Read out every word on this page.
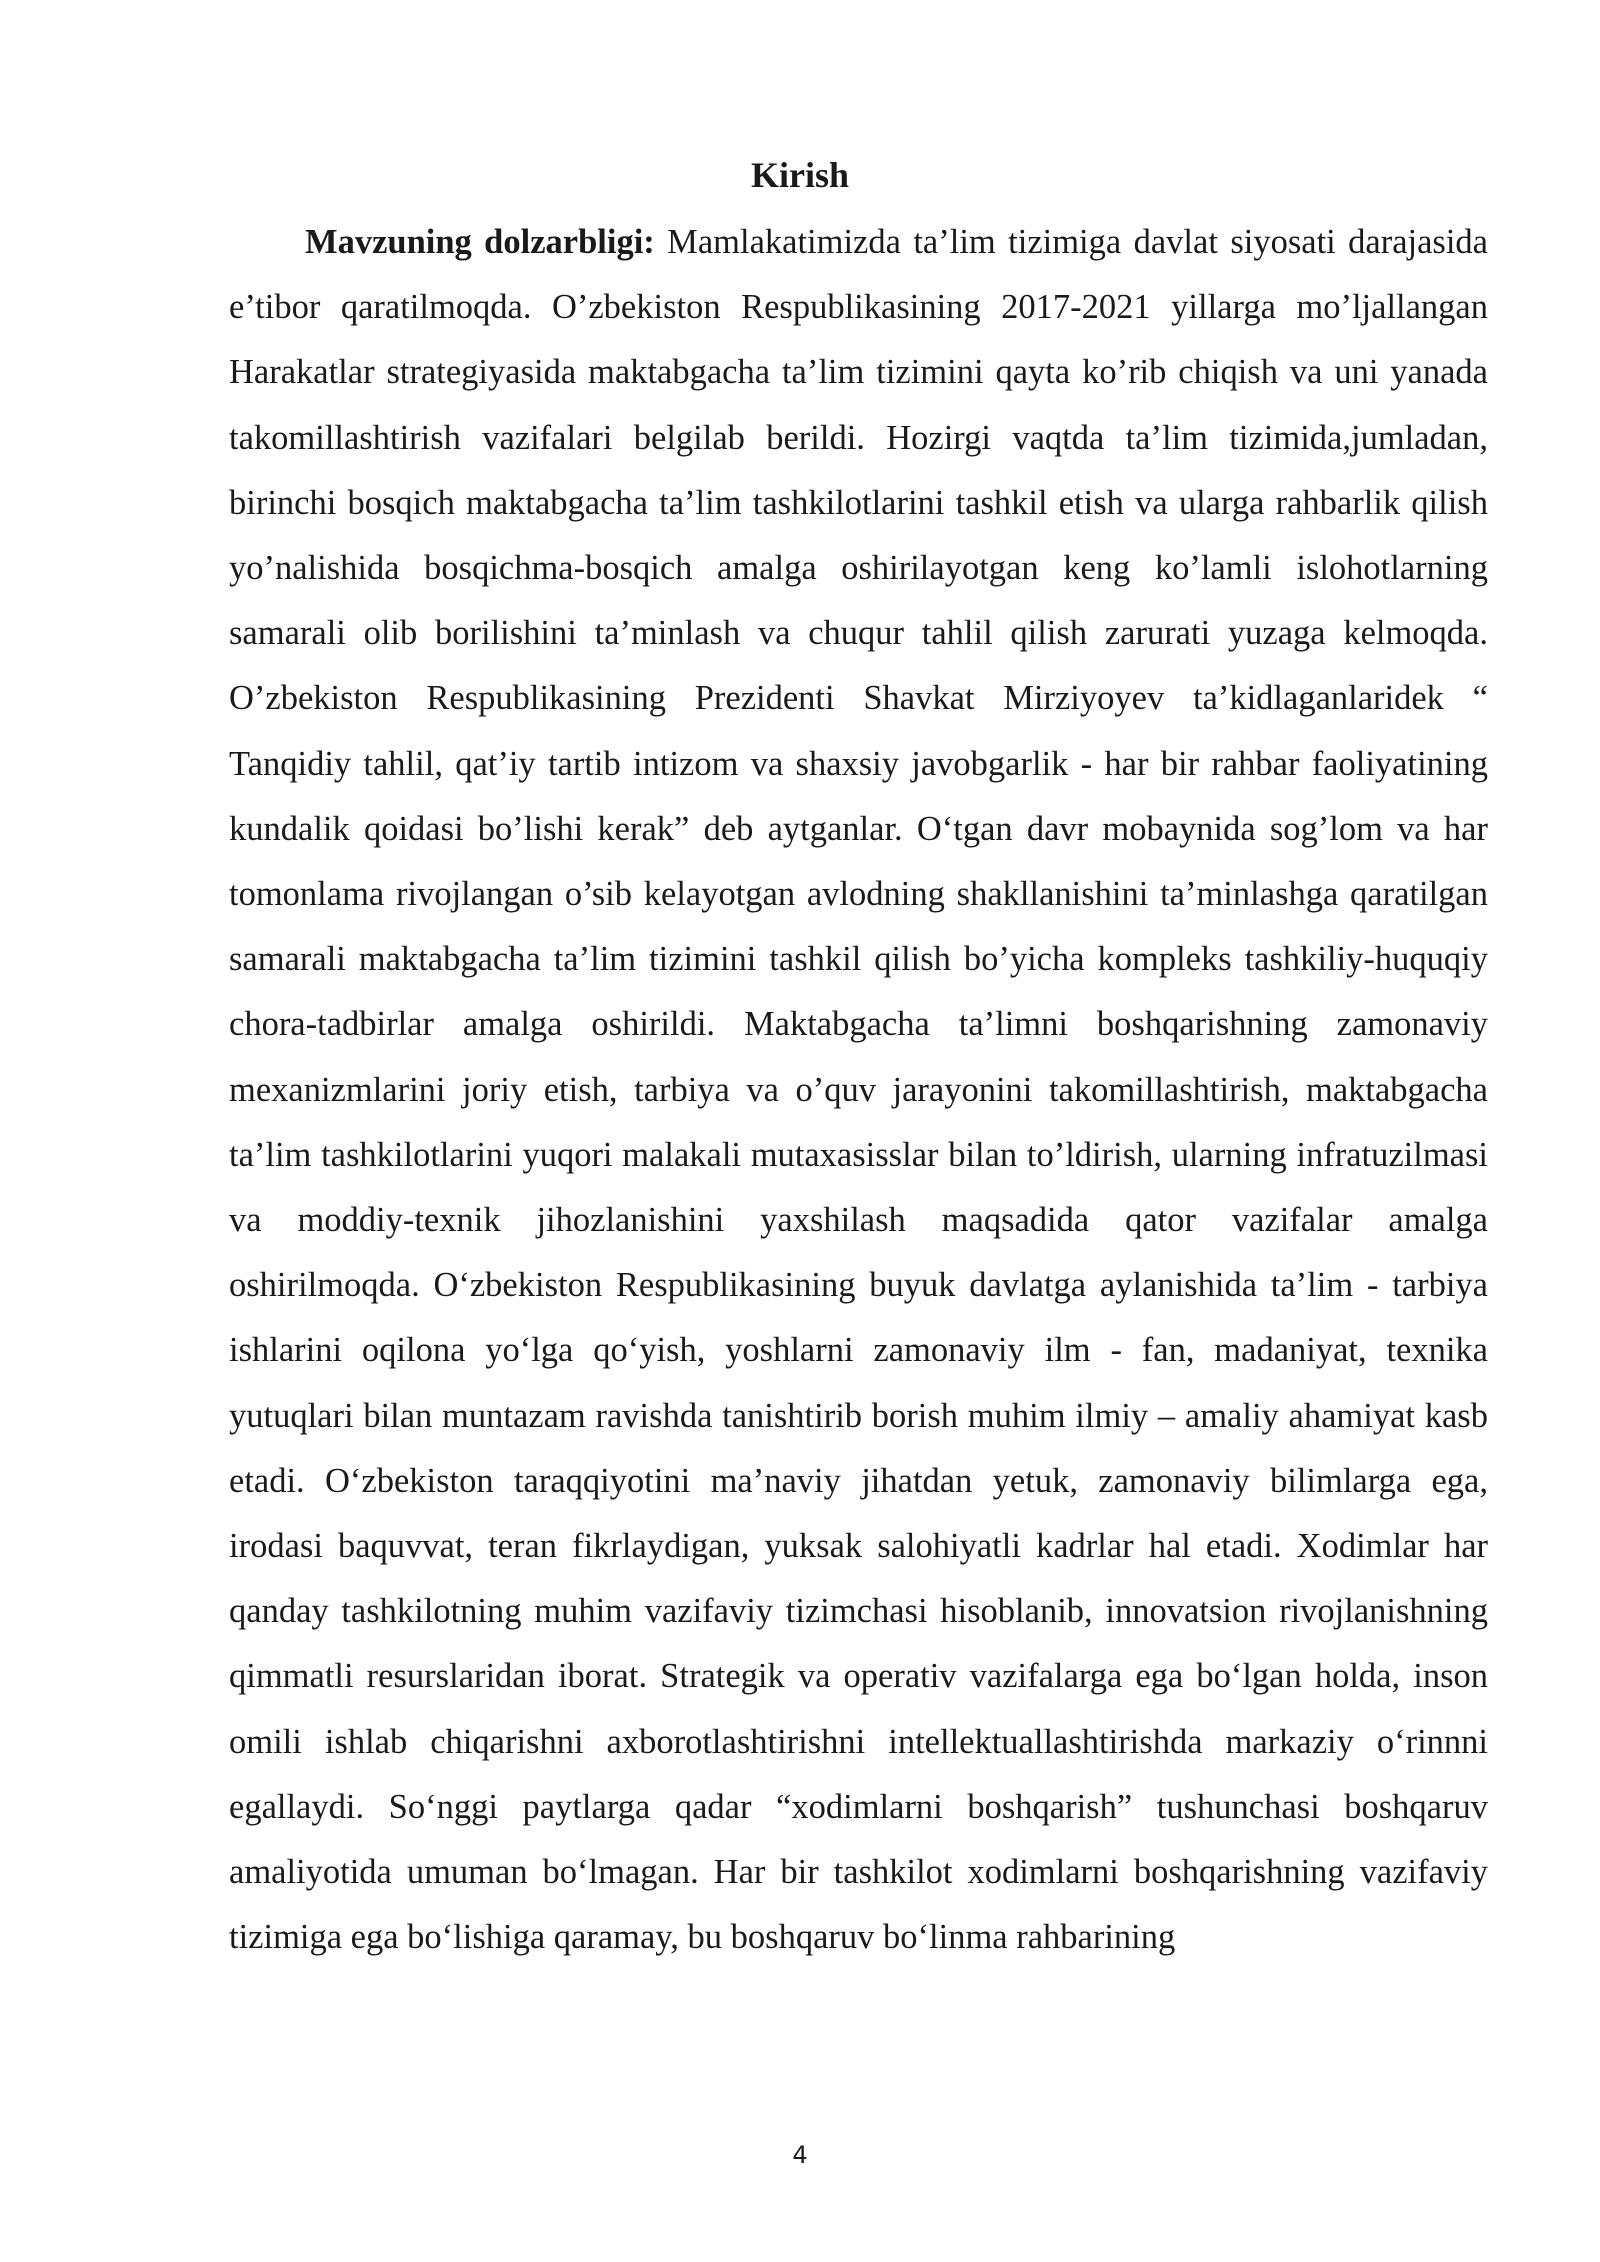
Kirish

Mavzuning dolzarbligi: Mamlakatimizda ta’lim tizimiga davlat siyosati darajasida e’tibor qaratilmoqda. O’zbekiston Respublikasining 2017-2021 yillarga mo’ljallangan Harakatlar strategiyasida maktabgacha ta’lim tizimini qayta ko’rib chiqish va uni yanada takomillashtirish vazifalari belgilab berildi. Hozirgi vaqtda ta’lim tizimida,jumladan, birinchi bosqich maktabgacha ta’lim tashkilotlarini tashkil etish va ularga rahbarlik qilish yo’nalishida bosqichma-bosqich amalga oshirilayotgan keng ko’lamli islohotlarning samarali olib borilishini ta’minlash va chuqur tahlil qilish zarurati yuzaga kelmoqda. O’zbekiston Respublikasining Prezidenti Shavkat Mirziyoyev ta’kidlaganlaridek “ Tanqidiy tahlil, qat’iy tartib intizom va shaxsiy javobgarlik - har bir rahbar faoliyatining kundalik qoidasi bo’lishi kerak” deb aytganlar. O‘tgan davr mobaynida sog’lom va har tomonlama rivojlangan o’sib kelayotgan avlodning shakllanishini ta’minlashga qaratilgan samarali maktabgacha ta’lim tizimini tashkil qilish bo’yicha kompleks tashkiliy-huquqiy chora-tadbirlar amalga oshirildi. Maktabgacha ta’limni boshqarishning zamonaviy mexanizmlarini joriy etish, tarbiya va o’quv jarayonini takomillashtirish, maktabgacha ta’lim tashkilotlarini yuqori malakali mutaxasisslar bilan to’ldirish, ularning infratuzilmasi va moddiy-texnik jihozlanishini yaxshilash maqsadida qator vazifalar amalga oshirilmoqda. O‘zbekiston Respublikasining buyuk davlatga aylanishida ta’lim - tarbiya ishlarini oqilona yo‘lga qo‘yish, yoshlarni zamonaviy ilm - fan, madaniyat, texnika yutuqlari bilan muntazam ravishda tanishtirib borish muhim ilmiy – amaliy ahamiyat kasb etadi. O‘zbekiston taraqqiyotini ma’naviy jihatdan yetuk, zamonaviy bilimlarga ega, irodasi baquvvat, teran fikrlaydigan, yuksak salohiyatli kadrlar hal etadi. Xodimlar har qanday tashkilotning muhim vazifaviy tizimchasi hisoblanib, innovatsion rivojlanishning qimmatli resurslaridan iborat. Strategik va operativ vazifalarga ega bo‘lgan holda, inson omili ishlab chiqarishni axborotlashtirishni intellektuallashtirishda markaziy o‘rinnni egallaydi. So‘nggi paytlarga qadar “xodimlarni boshqarish” tushunchasi boshqaruv amaliyotida umuman bo‘lmagan. Har bir tashkilot xodimlarni boshqarishning vazifaviy tizimiga ega bo‘lishiga qaramay, bu boshqaruv bo‘linma rahbarining

4
